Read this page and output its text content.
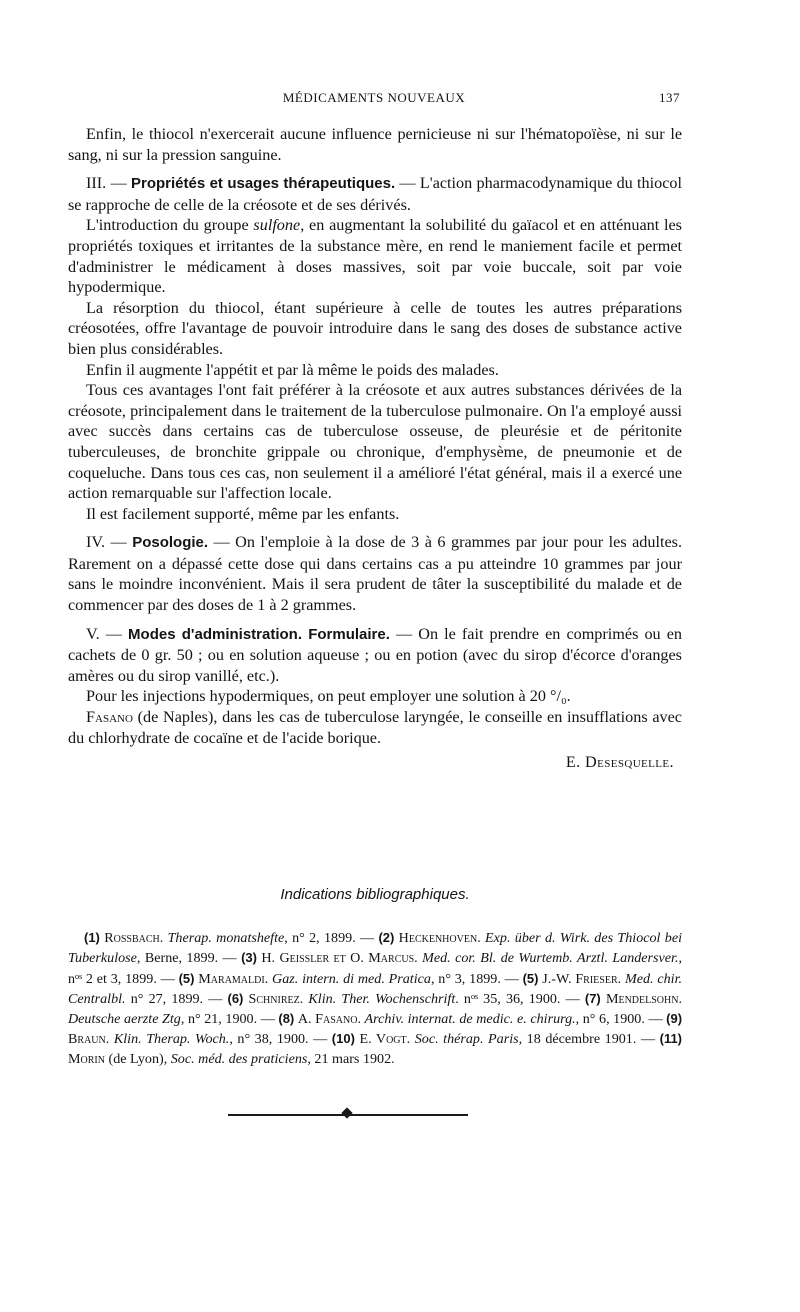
MÉDICAMENTS NOUVEAUX	137

Enfin, le thiocol n'exercerait aucune influence pernicieuse ni sur l'hématopoïèse, ni sur le sang, ni sur la pression sanguine.

III. — Propriétés et usages thérapeutiques. — L'action pharmacodynamique du thiocol se rapproche de celle de la créosote et de ses dérivés.

L'introduction du groupe sulfone, en augmentant la solubilité du gaïacol et en atténuant les propriétés toxiques et irritantes de la substance mère, en rend le maniement facile et permet d'administrer le médicament à doses massives, soit par voie buccale, soit par voie hypodermique.

La résorption du thiocol, étant supérieure à celle de toutes les autres préparations créosotées, offre l'avantage de pouvoir introduire dans le sang des doses de substance active bien plus considérables.

Enfin il augmente l'appétit et par là même le poids des malades.

Tous ces avantages l'ont fait préférer à la créosote et aux autres substances dérivées de la créosote, principalement dans le traitement de la tuberculose pulmonaire. On l'a employé aussi avec succès dans certains cas de tuberculose osseuse, de pleurésie et de péritonite tuberculeuses, de bronchite grippale ou chronique, d'emphysème, de pneumonie et de coqueluche. Dans tous ces cas, non seulement il a amélioré l'état général, mais il a exercé une action remarquable sur l'affection locale.

Il est facilement supporté, même par les enfants.

IV. — Posologie. — On l'emploie à la dose de 3 à 6 grammes par jour pour les adultes. Rarement on a dépassé cette dose qui dans certains cas a pu atteindre 10 grammes par jour sans le moindre inconvénient. Mais il sera prudent de tâter la susceptibilité du malade et de commencer par des doses de 1 à 2 grammes.

V. — Modes d'administration. Formulaire. — On le fait prendre en comprimés ou en cachets de 0 gr. 50 ; ou en solution aqueuse ; ou en potion (avec du sirop d'écorce d'oranges amères ou du sirop vanillé, etc.).

Pour les injections hypodermiques, on peut employer une solution à 20 °/₀.

Fasano (de Naples), dans les cas de tuberculose laryngée, le conseille en insufflations avec du chlorhydrate de cocaïne et de l'acide borique.

E. Desesquelle.

Indications bibliographiques.

(1) Rossbach. Therap. monatshefte, n° 2, 1899. — (2) Heckenhoven. Exp. über d. Wirk. des Thiocol bei Tuberkulose, Berne, 1899. — (3) H. Geissler et O. Marcus. Med. cor. Bl. de Wurtemb. Arztl. Landersver., nᵒˢ 2 et 3, 1899. — (5) Maramaldi. Gaz. intern. di med. Pratica, n° 3, 1899. — (5) J.-W. Frieser. Med. chir. Centralbl. n° 27, 1899. — (6) Schnirez. Klin. Ther. Wochenschrift. nᵒˢ 35, 36, 1900. — (7) Mendelsohn. Deutsche aerzte Ztg, n° 21, 1900. — (8) A. Fasano. Archiv. internat. de medic. e. chirurg., n° 6, 1900. — (9) Braun. Klin. Therap. Woch., n° 38, 1900. — (10) E. Vogt. Soc. thérap. Paris, 18 décembre 1901. — (11) Morin (de Lyon), Soc. méd. des praticiens, 21 mars 1902.
